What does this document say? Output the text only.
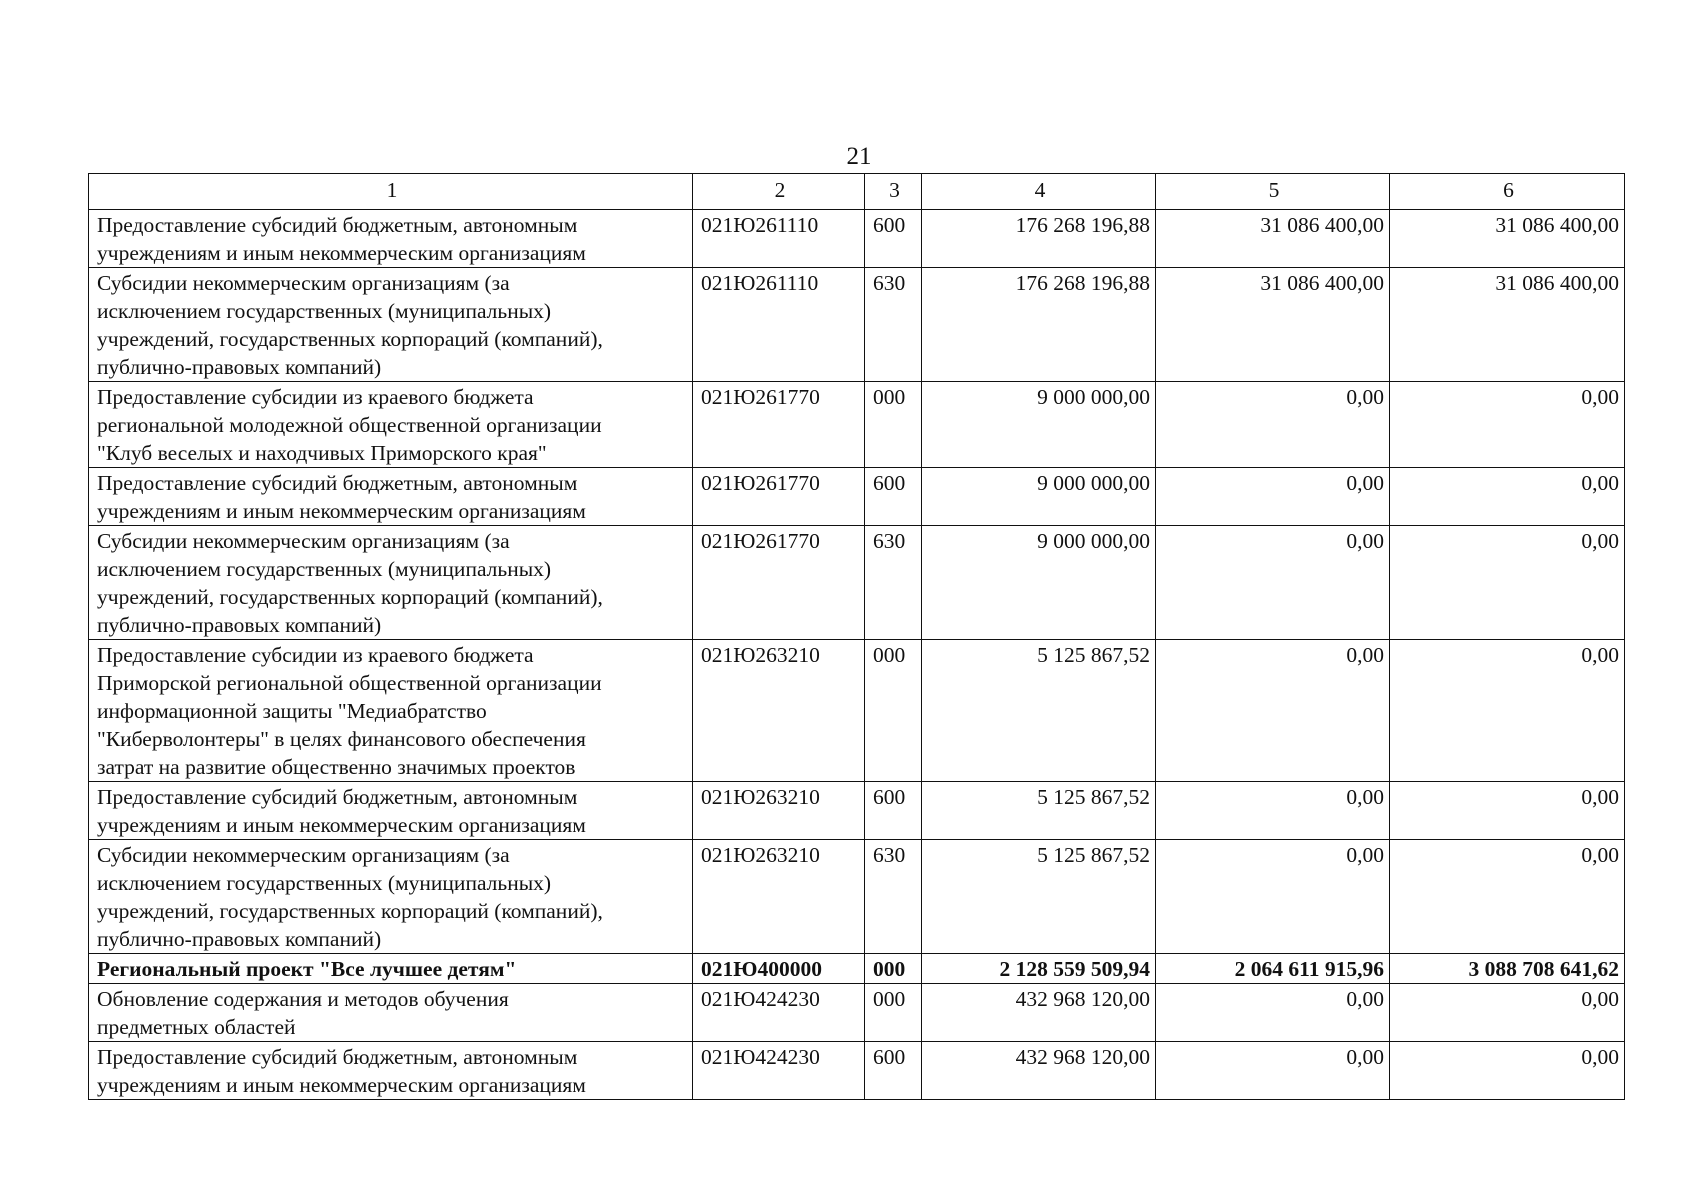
21
1	2	3	4	5	6

Предоставление субсидий бюджетным, автономным
учреждениям и иным некоммерческим организациям	021Ю261110	600	176 268 196,88	31 086 400,00	31 086 400,00

Субсидии некоммерческим организациям (за
исключением государственных (муниципальных)
учреждений, государственных корпораций (компаний),
публично-правовых компаний)	021Ю261110	630	176 268 196,88	31 086 400,00	31 086 400,00

Предоставление субсидии из краевого бюджета
региональной молодежной общественной организации
"Клуб веселых и находчивых Приморского края"	021Ю261770	000	9 000 000,00	0,00	0,00

Предоставление субсидий бюджетным, автономным
учреждениям и иным некоммерческим организациям	021Ю261770	600	9 000 000,00	0,00	0,00

Субсидии некоммерческим организациям (за
исключением государственных (муниципальных)
учреждений, государственных корпораций (компаний),
публично-правовых компаний)	021Ю261770	630	9 000 000,00	0,00	0,00

Предоставление субсидии из краевого бюджета
Приморской региональной общественной организации
информационной защиты "Медиабратство
"Киберволонтеры" в целях финансового обеспечения
затрат на развитие общественно значимых проектов	021Ю263210	000	5 125 867,52	0,00	0,00

Предоставление субсидий бюджетным, автономным
учреждениям и иным некоммерческим организациям	021Ю263210	600	5 125 867,52	0,00	0,00

Субсидии некоммерческим организациям (за
исключением государственных (муниципальных)
учреждений, государственных корпораций (компаний),
публично-правовых компаний)	021Ю263210	630	5 125 867,52	0,00	0,00

Региональный проект "Все лучшее детям"	021Ю400000	000	2 128 559 509,94	2 064 611 915,96	3 088 708 641,62

Обновление содержания и методов обучения
предметных областей	021Ю424230	000	432 968 120,00	0,00	0,00

Предоставление субсидий бюджетным, автономным
учреждениям и иным некоммерческим организациям	021Ю424230	600	432 968 120,00	0,00	0,00
